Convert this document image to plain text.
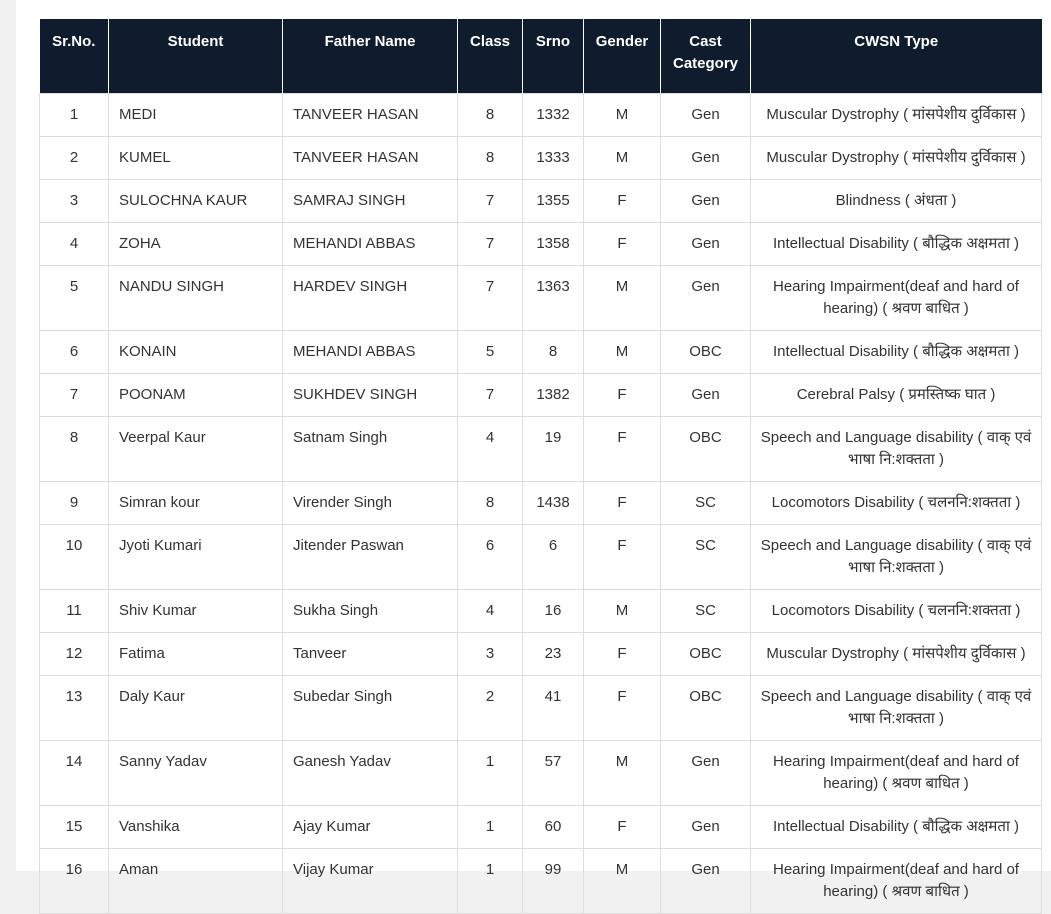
Sr.No.	Student	Father Name	Class	Srno	Gender	Cast Category	CWSN Type
1	MEDI	TANVEER HASAN	8	1332	M	Gen	Muscular Dystrophy ( मांसपेशीय दुर्विकास )
2	KUMEL	TANVEER HASAN	8	1333	M	Gen	Muscular Dystrophy ( मांसपेशीय दुर्विकास )
3	SULOCHNA KAUR	SAMRAJ SINGH	7	1355	F	Gen	Blindness ( अंधता )
4	ZOHA	MEHANDI ABBAS	7	1358	F	Gen	Intellectual Disability ( बौद्धिक अक्षमता )
5	NANDU SINGH	HARDEV SINGH	7	1363	M	Gen	Hearing Impairment(deaf and hard of hearing) ( श्रवण बाधित )
6	KONAIN	MEHANDI ABBAS	5	8	M	OBC	Intellectual Disability ( बौद्धिक अक्षमता )
7	POONAM	SUKHDEV SINGH	7	1382	F	Gen	Cerebral Palsy ( प्रमस्तिष्क घात )
8	Veerpal Kaur	Satnam Singh	4	19	F	OBC	Speech and Language disability ( वाक् एवं भाषा नि:शक्तता )
9	Simran kour	Virender Singh	8	1438	F	SC	Locomotors Disability ( चलननि:शक्तता )
10	Jyoti Kumari	Jitender Paswan	6	6	F	SC	Speech and Language disability ( वाक् एवं भाषा नि:शक्तता )
11	Shiv Kumar	Sukha Singh	4	16	M	SC	Locomotors Disability ( चलननि:शक्तता )
12	Fatima	Tanveer	3	23	F	OBC	Muscular Dystrophy ( मांसपेशीय दुर्विकास )
13	Daly Kaur	Subedar Singh	2	41	F	OBC	Speech and Language disability ( वाक् एवं भाषा नि:शक्तता )
14	Sanny Yadav	Ganesh Yadav	1	57	M	Gen	Hearing Impairment(deaf and hard of hearing) ( श्रवण बाधित )
15	Vanshika	Ajay Kumar	1	60	F	Gen	Intellectual Disability ( बौद्धिक अक्षमता )
16	Aman	Vijay Kumar	1	99	M	Gen	Hearing Impairment(deaf and hard of hearing) ( श्रवण बाधित )
